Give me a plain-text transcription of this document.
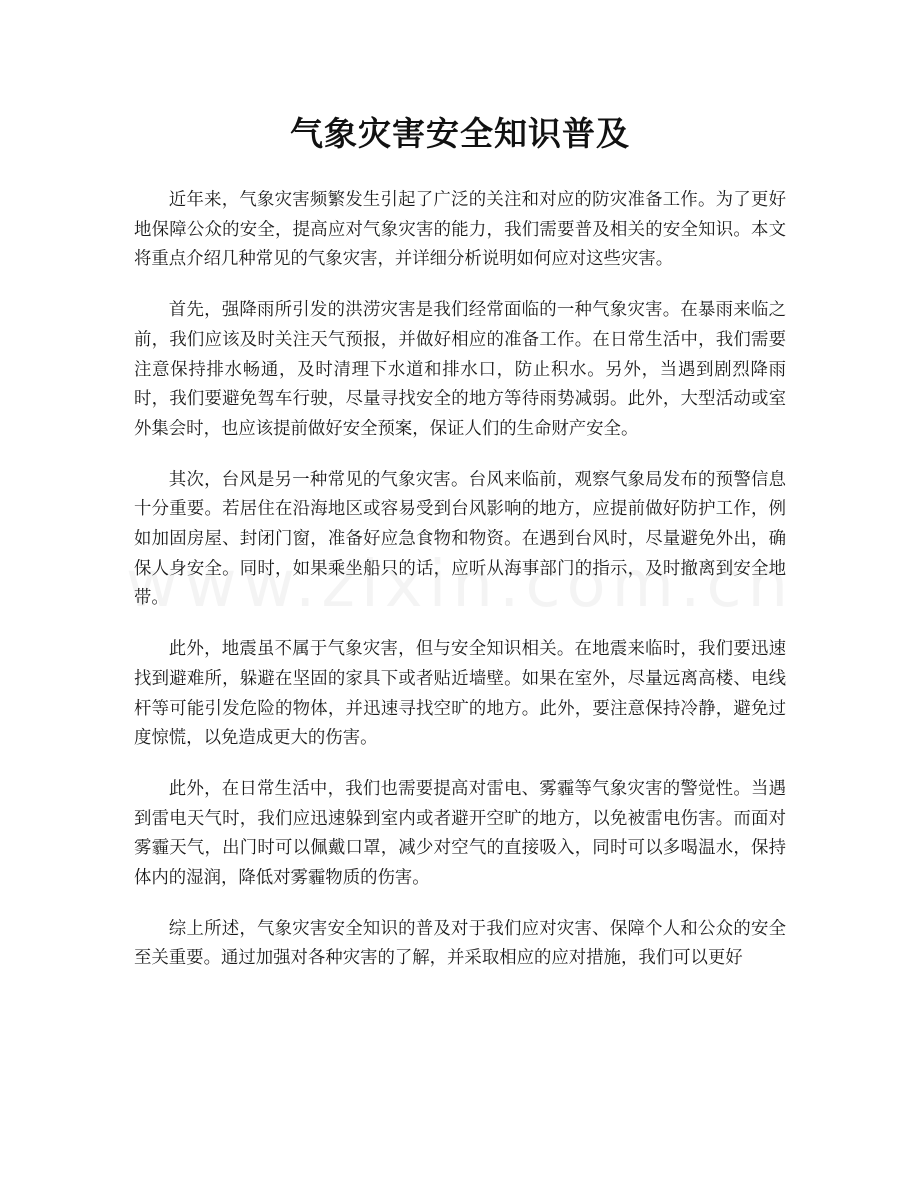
气象灾害安全知识普及

近年来，气象灾害频繁发生引起了广泛的关注和对应的防灾准备工作。为了更好地保障公众的安全，提高应对气象灾害的能力，我们需要普及相关的安全知识。本文将重点介绍几种常见的气象灾害，并详细分析说明如何应对这些灾害。

首先，强降雨所引发的洪涝灾害是我们经常面临的一种气象灾害。在暴雨来临之前，我们应该及时关注天气预报，并做好相应的准备工作。在日常生活中，我们需要注意保持排水畅通，及时清理下水道和排水口，防止积水。另外，当遇到剧烈降雨时，我们要避免驾车行驶，尽量寻找安全的地方等待雨势减弱。此外，大型活动或室外集会时，也应该提前做好安全预案，保证人们的生命财产安全。

其次，台风是另一种常见的气象灾害。台风来临前，观察气象局发布的预警信息十分重要。若居住在沿海地区或容易受到台风影响的地方，应提前做好防护工作，例如加固房屋、封闭门窗，准备好应急食物和物资。在遇到台风时，尽量避免外出，确保人身安全。同时，如果乘坐船只的话，应听从海事部门的指示，及时撤离到安全地带。

此外，地震虽不属于气象灾害，但与安全知识相关。在地震来临时，我们要迅速找到避难所，躲避在坚固的家具下或者贴近墙壁。如果在室外，尽量远离高楼、电线杆等可能引发危险的物体，并迅速寻找空旷的地方。此外，要注意保持冷静，避免过度惊慌，以免造成更大的伤害。

此外，在日常生活中，我们也需要提高对雷电、雾霾等气象灾害的警觉性。当遇到雷电天气时，我们应迅速躲到室内或者避开空旷的地方，以免被雷电伤害。而面对雾霾天气，出门时可以佩戴口罩，减少对空气的直接吸入，同时可以多喝温水，保持体内的湿润，降低对雾霾物质的伤害。

综上所述，气象灾害安全知识的普及对于我们应对灾害、保障个人和公众的安全至关重要。通过加强对各种灾害的了解，并采取相应的应对措施，我们可以更好
